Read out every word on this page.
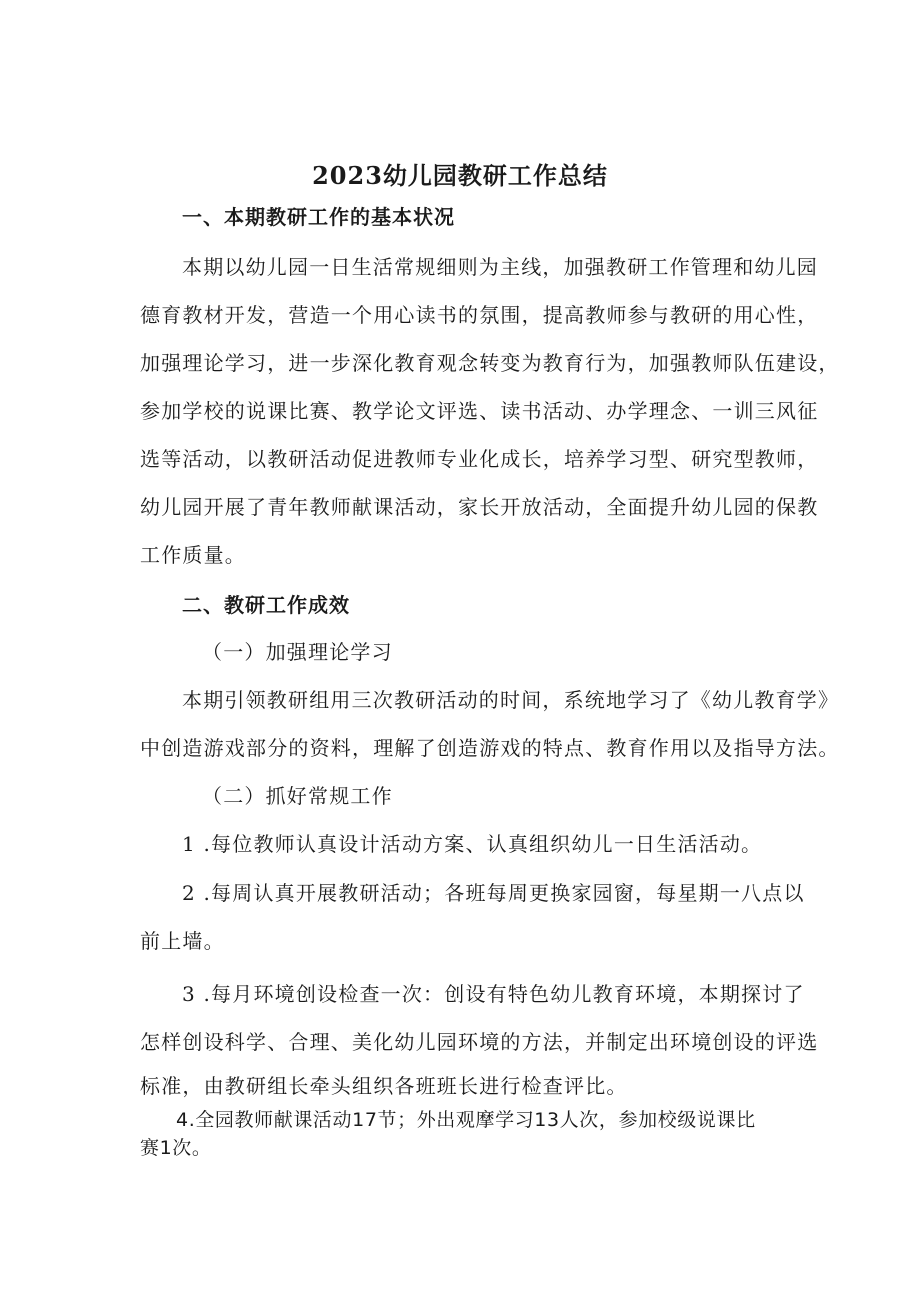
2023幼儿园教研工作总结
一、本期教研工作的基本状况
本期以幼儿园一日生活常规细则为主线，加强教研工作管理和幼儿园
德育教材开发，营造一个用心读书的氛围，提高教师参与教研的用心性，
加强理论学习，进一步深化教育观念转变为教育行为，加强教师队伍建设，
参加学校的说课比赛、教学论文评选、读书活动、办学理念、一训三风征
选等活动，以教研活动促进教师专业化成长，培养学习型、研究型教师，
幼儿园开展了青年教师献课活动，家长开放活动，全面提升幼儿园的保教
工作质量。
二、教研工作成效
（一）加强理论学习
本期引领教研组用三次教研活动的时间，系统地学习了《幼儿教育学》
中创造游戏部分的资料，理解了创造游戏的特点、教育作用以及指导方法。
（二）抓好常规工作
1 .每位教师认真设计活动方案、认真组织幼儿一日生活活动。
2 .每周认真开展教研活动；各班每周更换家园窗，每星期一八点以
前上墙。
3 .每月环境创设检查一次：创设有特色幼儿教育环境，本期探讨了
怎样创设科学、合理、美化幼儿园环境的方法，并制定出环境创设的评选
标准，由教研组长牵头组织各班班长进行检查评比。
4.全园教师献课活动17节；外出观摩学习13人次，参加校级说课比
赛1次。
